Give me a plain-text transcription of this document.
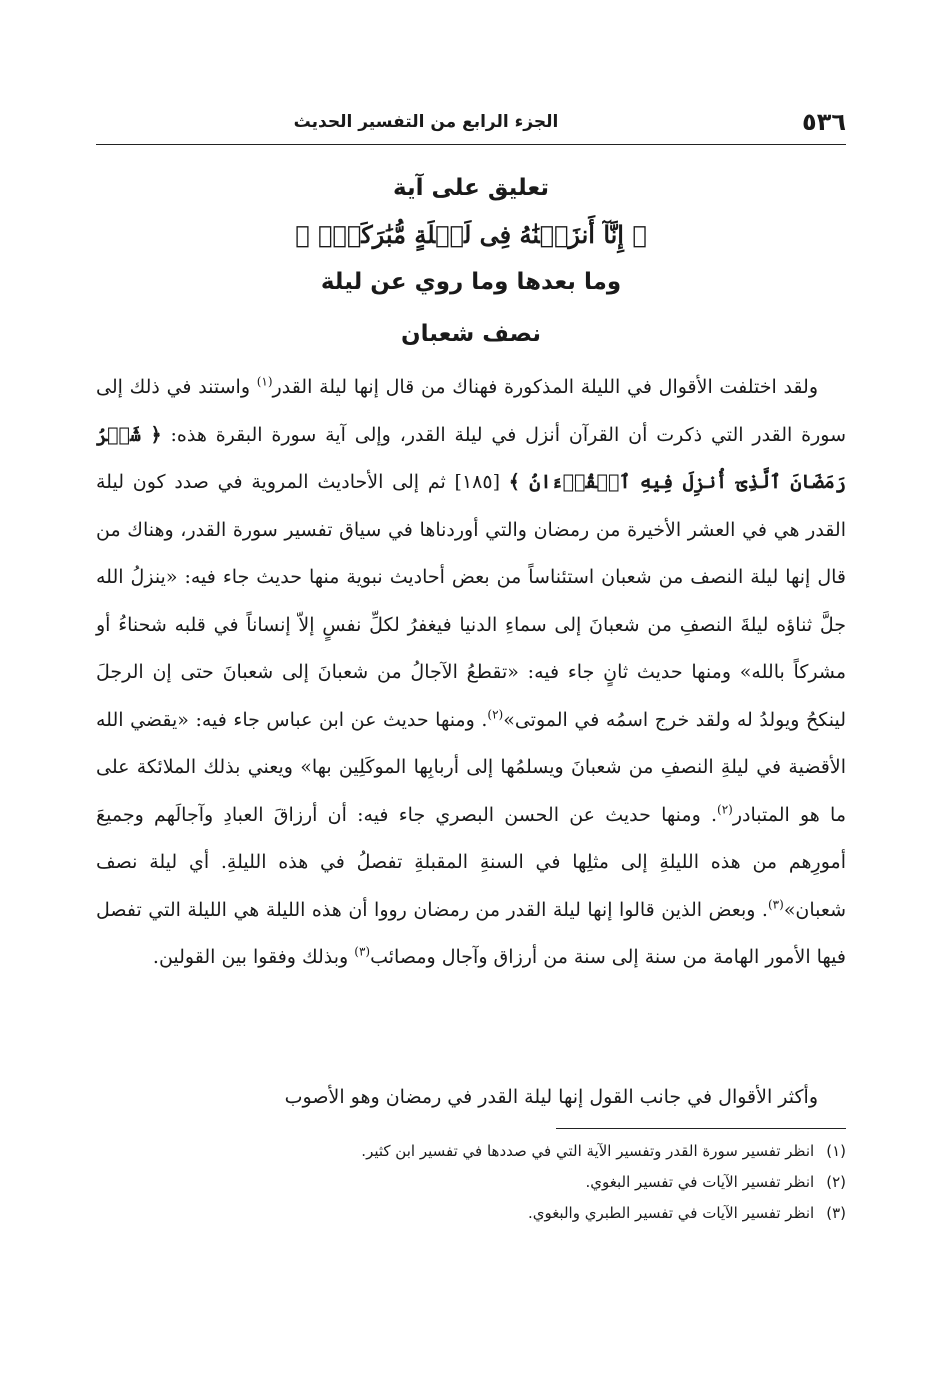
٥٣٦
الجزء الرابع من التفسير الحديث
تعليق على آية
﴿ إِنَّآ أَنزَلۡنَٰهُ فِى لَيۡلَةٍ مُّبَٰرَكَةٍۚ ﴾
وما بعدها وما روي عن ليلة
نصف شعبان

ولقد اختلفت الأقوال في الليلة المذكورة فهناك من قال إنها ليلة القدر$^{(١)}$ واستند في ذلك إلى سورة القدر التي ذكرت أن القرآن أنزل في ليلة القدر، وإلى آية سورة البقرة هذه: ﴿ شَهۡرُ رَمَضَانَ ٱلَّذِىٓ أُنزِلَ فِيهِ ٱلۡقُرۡءَانُ ﴾ [١٨٥] ثم إلى الأحاديث المروية في صدد كون ليلة القدر هي في العشر الأخيرة من رمضان والتي أوردناها في سياق تفسير سورة القدر، وهناك من قال إنها ليلة النصف من شعبان استئناساً من بعض أحاديث نبوية منها حديث جاء فيه: «ينزلُ الله جلَّ ثناؤه ليلةَ النصفِ من شعبانَ إلى سماءِ الدنيا فيغفرُ لكلِّ نفسٍ إلاّ إنساناً في قلبه شحناءُ أو مشركاً بالله» ومنها حديث ثانٍ جاء فيه: «تقطعُ الآجالُ من شعبانَ إلى شعبانَ حتى إن الرجلَ لينكحُ ويولدُ له ولقد خرج اسمُه في الموتى»$^{(٢)}$. ومنها حديث عن ابن عباس جاء فيه: «يقضي الله الأقضية في ليلةِ النصفِ من شعبانَ ويسلمُها إلى أربابِها الموكَلِين بها» ويعني بذلك الملائكة على ما هو المتبادر$^{(٢)}$. ومنها حديث عن الحسن البصري جاء فيه: أن أرزاقَ العبادِ وآجالَهم وجميعَ أمورِهم من هذه الليلةِ إلى مثلِها في السنةِ المقبلةِ تفصلُ في هذه الليلةِ. أي ليلة نصف شعبان»$^{(٣)}$. وبعض الذين قالوا إنها ليلة القدر من رمضان رووا أن هذه الليلة هي الليلة التي تفصل فيها الأمور الهامة من سنة إلى سنة من أرزاق وآجال ومصائب$^{(٣)}$ وبذلك وفقوا بين القولين.

وأكثر الأقوال في جانب القول إنها ليلة القدر في رمضان وهو الأصوب

(١)انظر تفسير سورة القدر وتفسير الآية التي في صددها في تفسير ابن كثير.
(٢)انظر تفسير الآيات في تفسير البغوي.
(٣)انظر تفسير الآيات في تفسير الطبري والبغوي.
